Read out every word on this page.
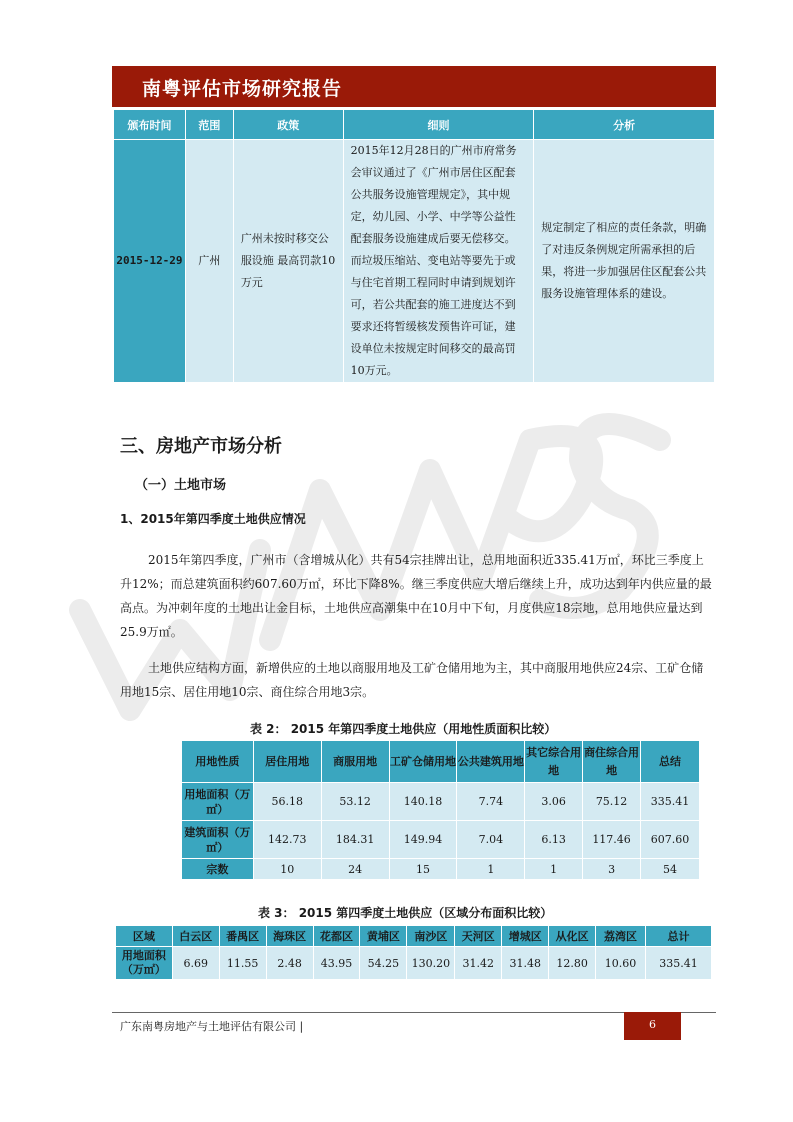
南粤评估市场研究报告
颁布时间	范围	政策	细则	分析
2015-12-29	广州	广州未按时移交公服设施 最高罚款10万元	2015年12月28日的广州市府常务会审议通过了《广州市居住区配套公共服务设施管理规定》，其中规定，幼儿园、小学、中学等公益性配套服务设施建成后要无偿移交。而垃圾压缩站、变电站等要先于或与住宅首期工程同时申请到规划许可，若公共配套的施工进度达不到要求还将暂缓核发预售许可证，建设单位未按规定时间移交的最高罚10万元。	规定制定了相应的责任条款，明确了对违反条例规定所需承担的后果，将进一步加强居住区配套公共服务设施管理体系的建设。
三、房地产市场分析
（一）土地市场
1、2015年第四季度土地供应情况

2015年第四季度，广州市（含增城从化）共有54宗挂牌出让，总用地面积近335.41万㎡，环比三季度上升12%；而总建筑面积约607.60万㎡，环比下降8%。继三季度供应大增后继续上升，成功达到年内供应量的最高点。为冲刺年度的土地出让金目标，土地供应高潮集中在10月中下旬，月度供应18宗地，总用地供应量达到25.9万㎡。

土地供应结构方面，新增供应的土地以商服用地及工矿仓储用地为主，其中商服用地供应24宗、工矿仓储用地15宗、居住用地10宗、商住综合用地3宗。

表 2： 2015 年第四季度土地供应（用地性质面积比较）
用地性质	居住用地	商服用地	工矿仓储用地	公共建筑用地	其它综合用地	商住综合用地	总结
用地面积（万㎡）	56.18	53.12	140.18	7.74	3.06	75.12	335.41
建筑面积（万㎡）	142.73	184.31	149.94	7.04	6.13	117.46	607.60
宗数	10	24	15	1	1	3	54
表 3： 2015 第四季度土地供应（区域分布面积比较）
区域	白云区	番禺区	海珠区	花都区	黄埔区	南沙区	天河区	增城区	从化区	荔湾区	总计
用地面积（万㎡）	6.69	11.55	2.48	43.95	54.25	130.20	31.42	31.48	12.80	10.60	335.41
广东南粤房地产与土地评估有限公司 |	6
